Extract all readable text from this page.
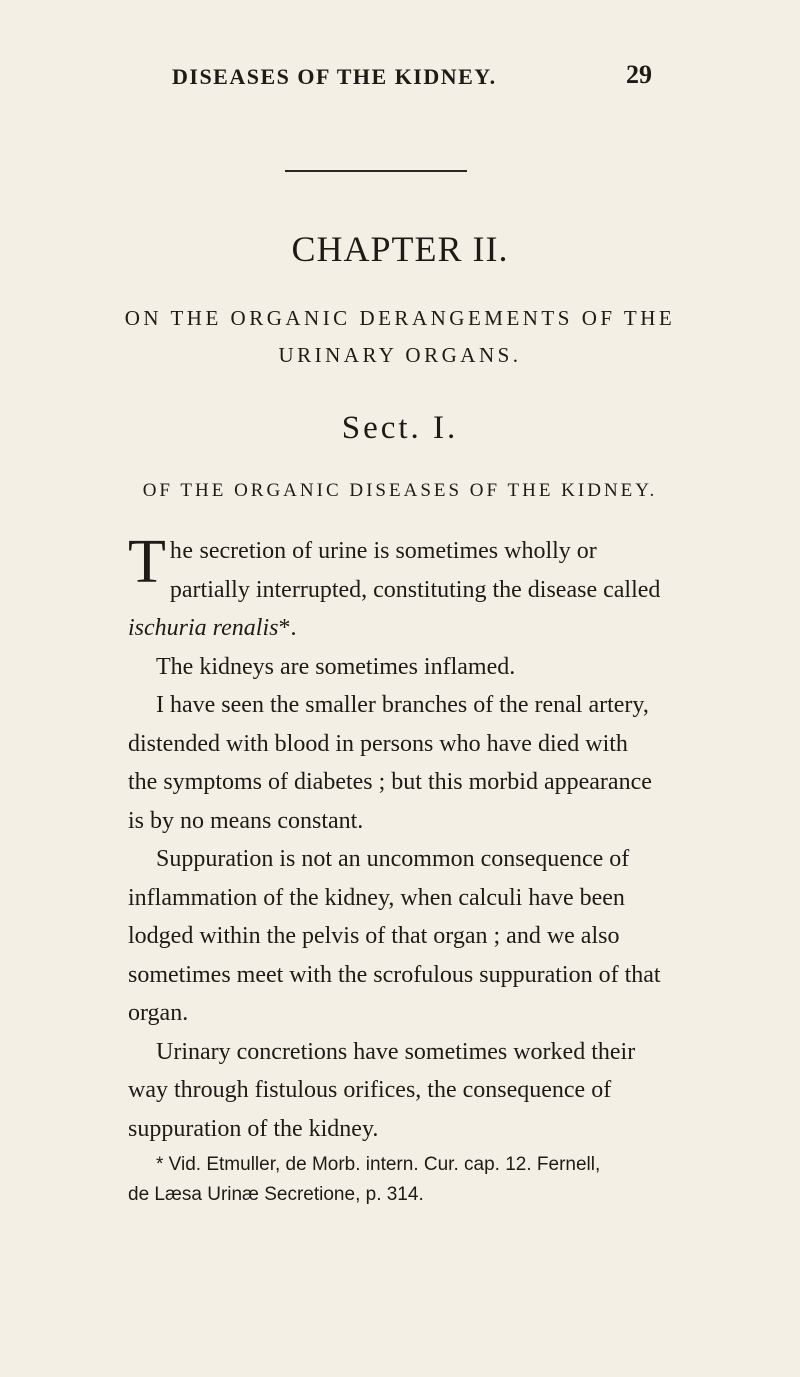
DISEASES OF THE KIDNEY.	29
CHAPTER II.
ON THE ORGANIC DERANGEMENTS OF THE
URINARY ORGANS.
Sect. I.
OF THE ORGANIC DISEASES OF THE KIDNEY.

The secretion of urine is sometimes wholly or partially interrupted, constituting the disease called ischuria renalis*.

The kidneys are sometimes inflamed.

I have seen the smaller branches of the renal artery, distended with blood in persons who have died with the symptoms of diabetes ; but this morbid appearance is by no means constant.

Suppuration is not an uncommon consequence of inflammation of the kidney, when calculi have been lodged within the pelvis of that organ ; and we also sometimes meet with the scrofulous suppuration of that organ.

Urinary concretions have sometimes worked their way through fistulous orifices, the consequence of suppuration of the kidney.

* Vid. Etmuller, de Morb. intern. Cur. cap. 12. Fernell,

de Læsa Urinæ Secretione, p. 314.
